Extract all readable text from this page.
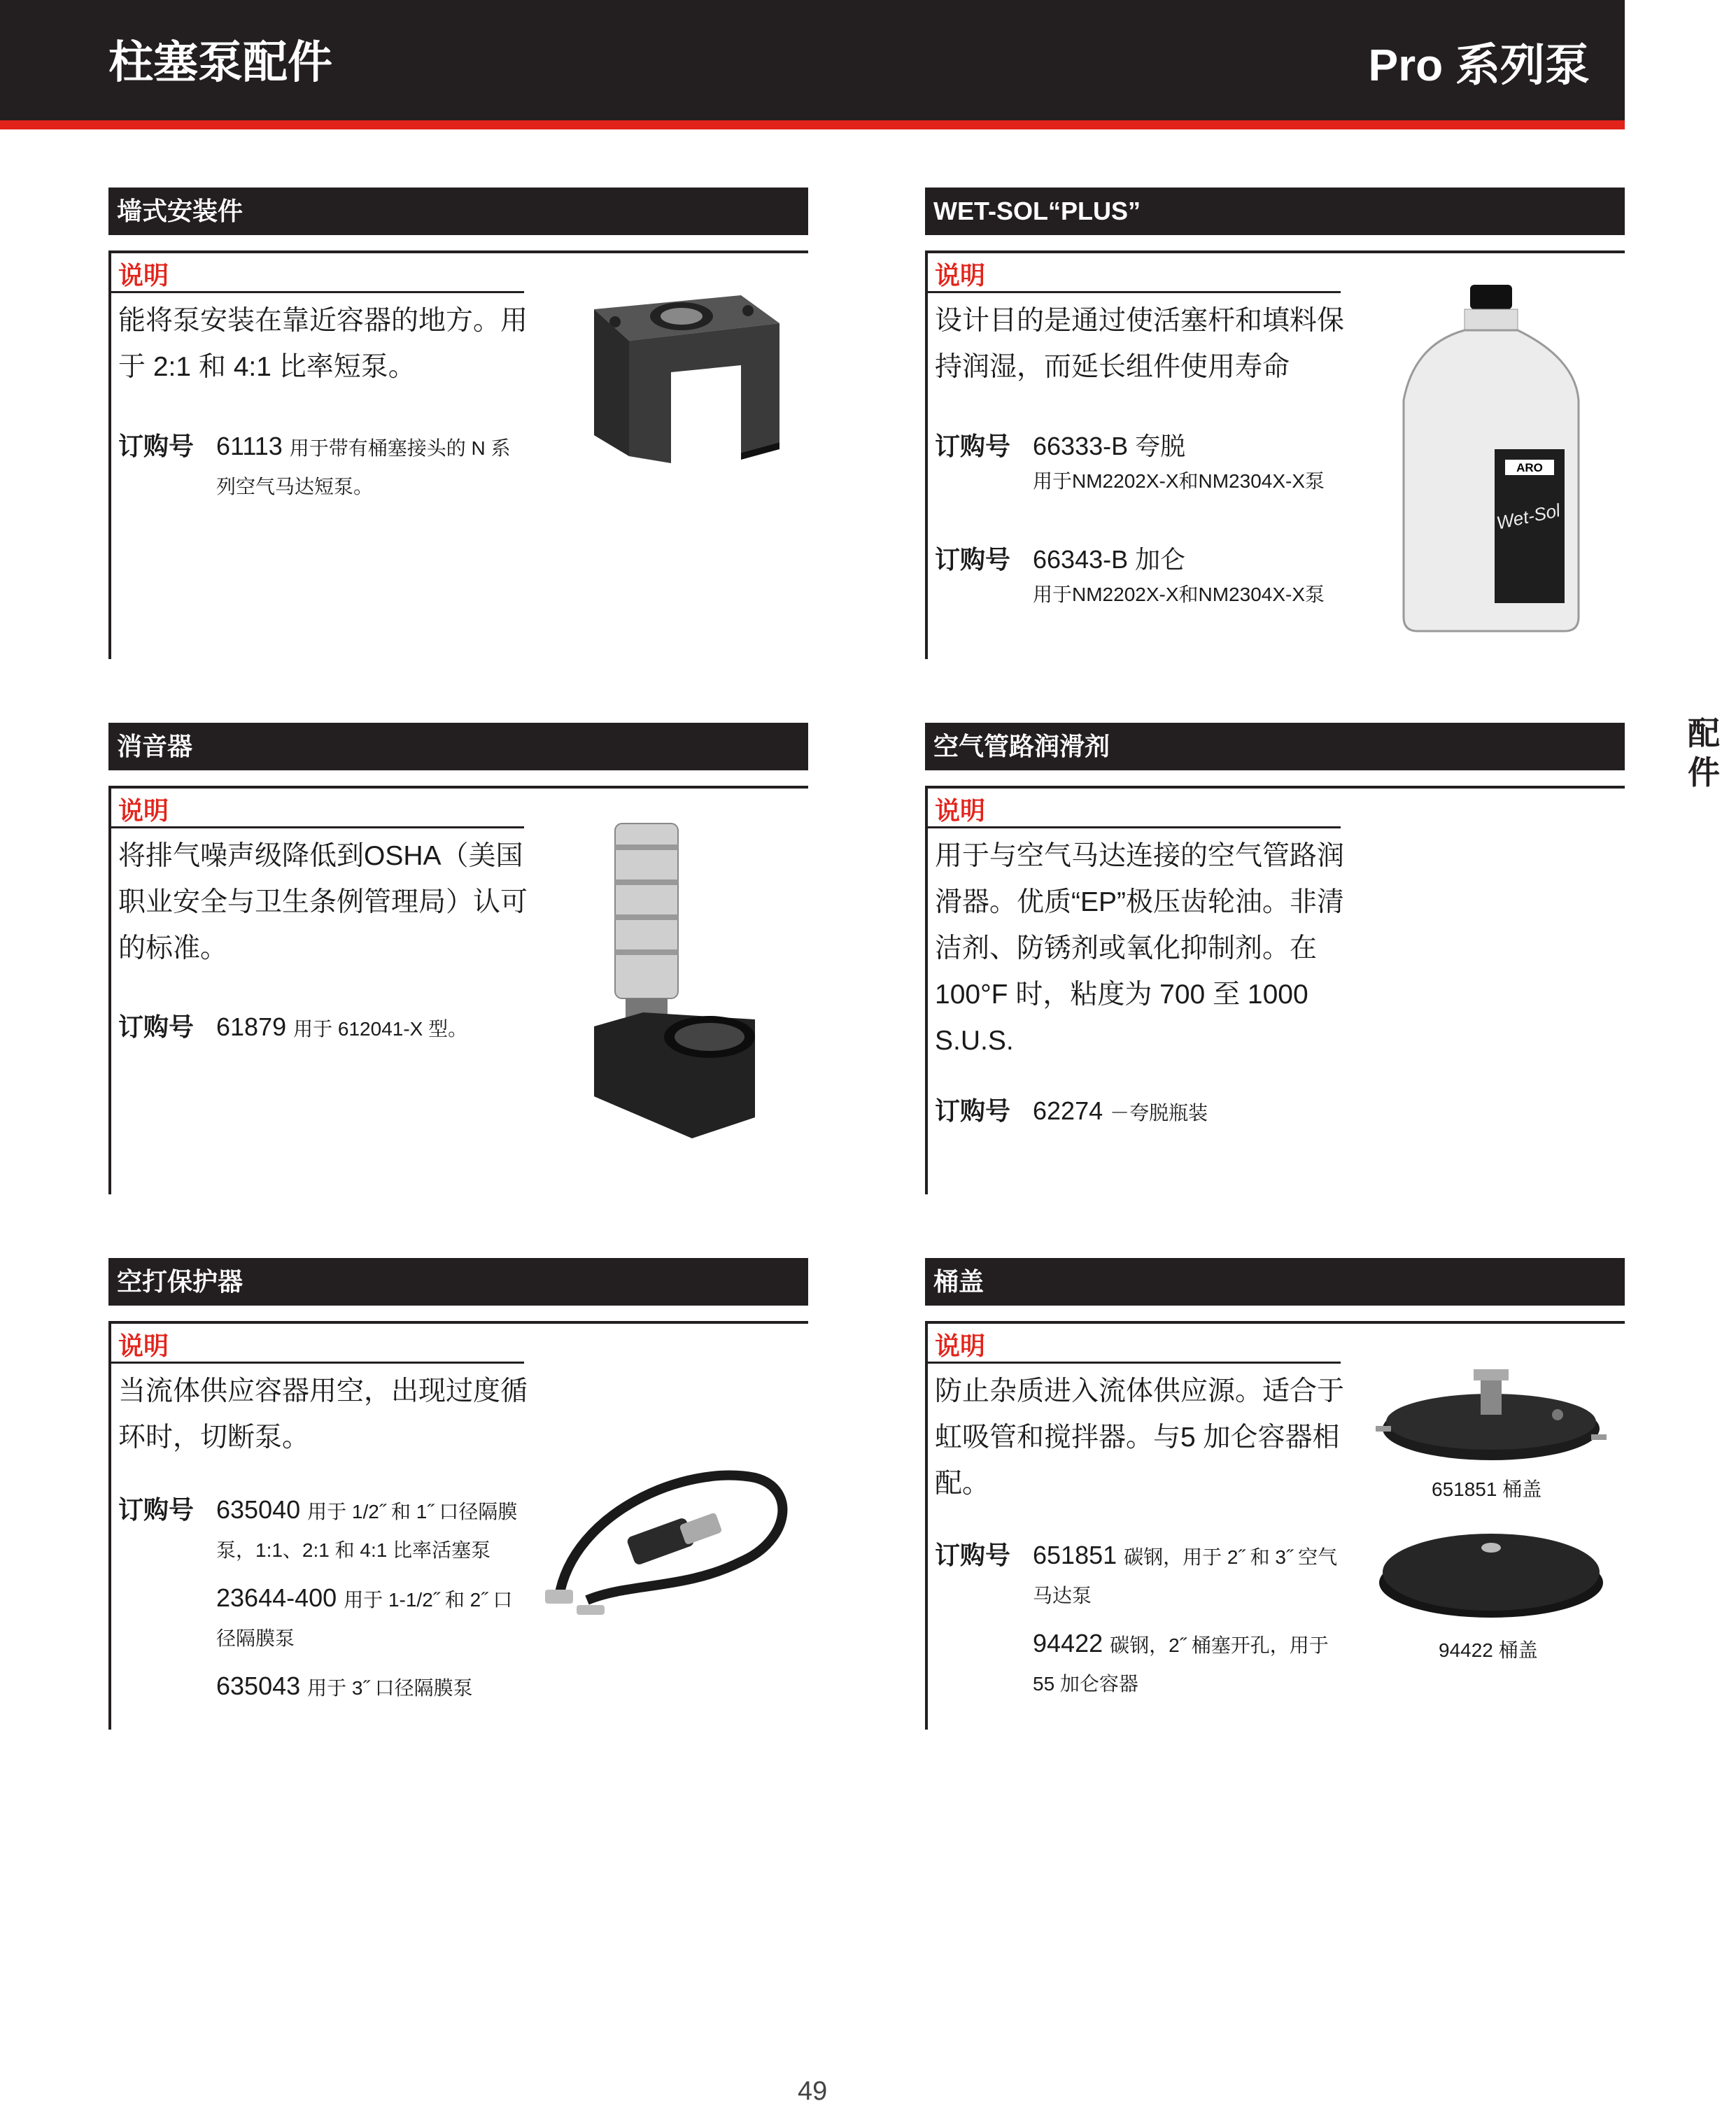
柱塞泵配件	Pro 系列泵
配件
49
墙式安装件
说明
能将泵安装在靠近容器的地方。用于 2:1 和 4:1 比率短泵。
订购号 61113 用于带有桶塞接头的 N 系列空气马达短泵。
WET-SOL“PLUS”
说明
设计目的是通过使活塞杆和填料保持润湿，而延长组件使用寿命
订购号 66333-B 夸脱
用于NM2202X-X和NM2304X-X泵
订购号 66343-B 加仑
用于NM2202X-X和NM2304X-X泵
ARO
Wet-Sol
消音器
说明
将排气噪声级降低到OSHA（美国职业安全与卫生条例管理局）认可的标准。
订购号 61879 用于 612041-X 型。
空气管路润滑剂
说明
用于与空气马达连接的空气管路润滑器。优质“EP”极压齿轮油。非清洁剂、防锈剂或氧化抑制剂。在 100°F 时，粘度为 700 至 1000 S.U.S.
订购号 62274 －夸脱瓶装
空打保护器
说明
当流体供应容器用空，出现过度循环时，切断泵。
订购号 635040 用于 1/2˝ 和 1˝ 口径隔膜泵，1:1、2:1 和 4:1 比率活塞泵
23644-400 用于 1-1/2˝ 和 2˝ 口径隔膜泵
635043 用于 3˝ 口径隔膜泵
桶盖
说明
防止杂质进入流体供应源。适合于虹吸管和搅拌器。与5 加仑容器相配。
订购号 651851 碳钢，用于 2˝ 和 3˝ 空气马达泵
94422 碳钢，2˝ 桶塞开孔，用于 55 加仑容器
651851 桶盖
94422 桶盖
